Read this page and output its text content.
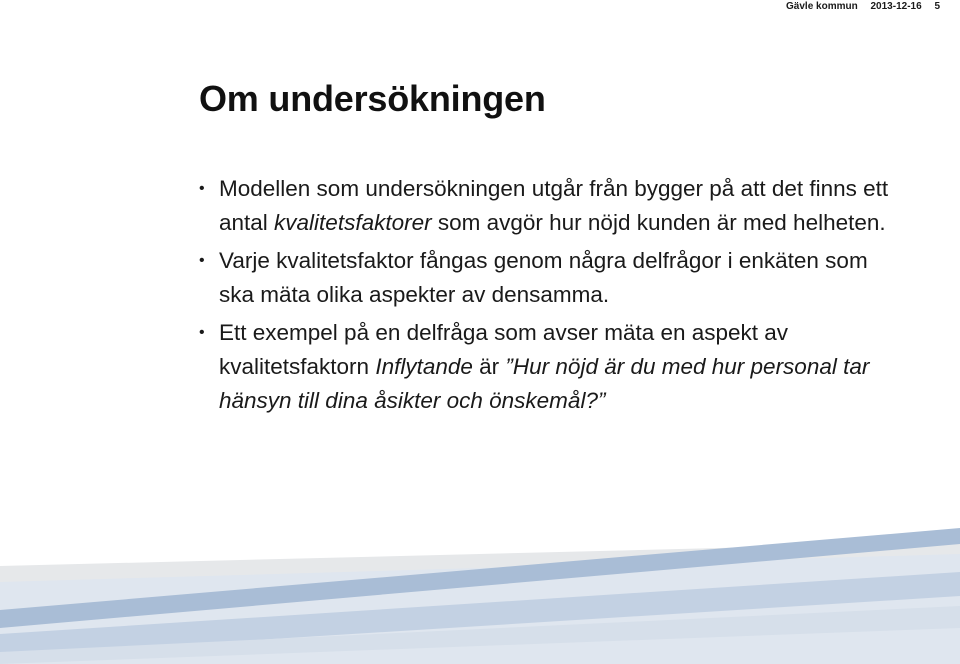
Gävle kommun 2013-12-16 5
Om undersökningen
• Modellen som undersökningen utgår från bygger på att det finns ett antal kvalitetsfaktorer som avgör hur nöjd kunden är med helheten.
• Varje kvalitetsfaktor fångas genom några delfrågor i enkäten som ska mäta olika aspekter av densamma.
• Ett exempel på en delfråga som avser mäta en aspekt av kvalitetsfaktorn Inflytande är ”Hur nöjd är du med hur personal tar hänsyn till dina åsikter och önskemål?”
